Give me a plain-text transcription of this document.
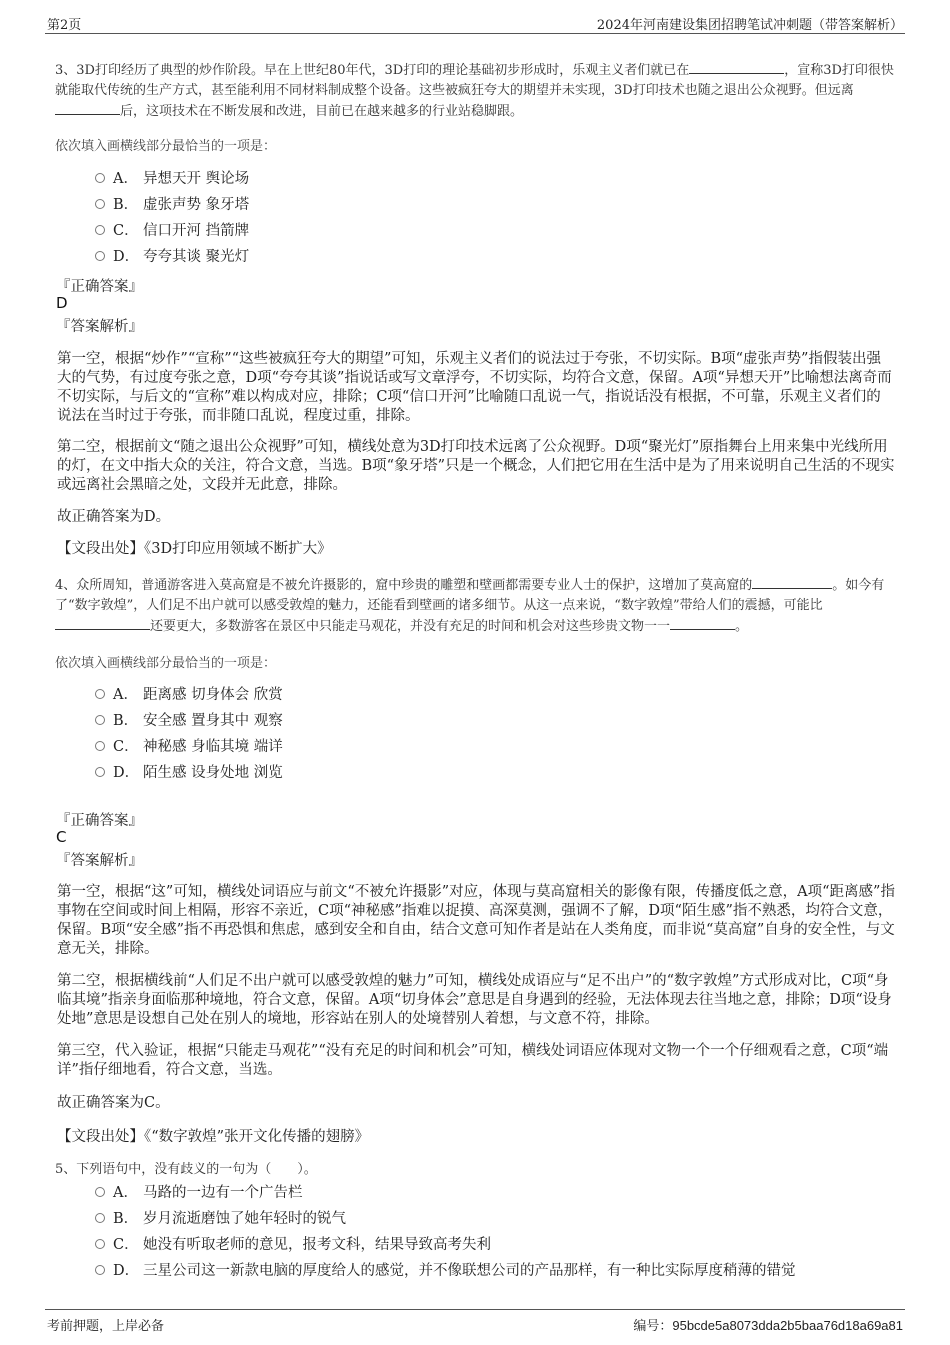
第2页	2024年河南建设集团招聘笔试冲刺题（带答案解析）
3、3D打印经历了典型的炒作阶段。早在上世纪80年代，3D打印的理论基础初步形成时，乐观主义者们就已在	，宣称3D打印很快就能取代传统的生产方式，甚至能利用不同材料制成整个设备。这些被疯狂夸大的期望并未实现，3D打印技术也随之退出公众视野。但远离后，这项技术在不断发展和改进，目前已在越来越多的行业站稳脚跟。
依次填入画横线部分最恰当的一项是：
A． 异想天开 舆论场
B． 虚张声势 象牙塔
C． 信口开河 挡箭牌
D． 夸夸其谈 聚光灯
『正确答案』
D
『答案解析』
第一空，根据“炒作”“宣称”“这些被疯狂夸大的期望”可知，乐观主义者们的说法过于夸张，不切实际。B项“虚张声势”指假装出强大的气势，有过度夸张之意，D项“夸夸其谈”指说话或写文章浮夸，不切实际，均符合文意，保留。A项“异想天开”比喻想法离奇而不切实际，与后文的“宣称”难以构成对应，排除；C项“信口开河”比喻随口乱说一气，指说话没有根据，不可靠，乐观主义者们的说法在当时过于夸张，而非随口乱说，程度过重，排除。
第二空，根据前文“随之退出公众视野”可知，横线处意为3D打印技术远离了公众视野。D项“聚光灯”原指舞台上用来集中光线所用的灯，在文中指大众的关注，符合文意，当选。B项“象牙塔”只是一个概念，人们把它用在生活中是为了用来说明自己生活的不现实或远离社会黑暗之处，文段并无此意，排除。
故正确答案为D。
【文段出处】《3D打印应用领域不断扩大》
4、众所周知，普通游客进入莫高窟是不被允许摄影的，窟中珍贵的雕塑和壁画都需要专业人士的保护，这增加了莫高窟的	。如今有了“数字敦煌”，人们足不出户就可以感受敦煌的魅力，还能看到壁画的诸多细节。从这一点来说，“数字敦煌”带给人们的震撼，可能比还要更大，多数游客在景区中只能走马观花，并没有充足的时间和机会对这些珍贵文物一一	。
依次填入画横线部分最恰当的一项是：
A． 距离感 切身体会 欣赏
B． 安全感 置身其中 观察
C． 神秘感 身临其境 端详
D． 陌生感 设身处地 浏览
『正确答案』
C
『答案解析』
第一空，根据“这”可知，横线处词语应与前文“不被允许摄影”对应，体现与莫高窟相关的影像有限，传播度低之意，A项“距离感”指事物在空间或时间上相隔，形容不亲近，C项“神秘感”指难以捉摸、高深莫测，强调不了解，D项“陌生感”指不熟悉，均符合文意，保留。B项“安全感”指不再恐惧和焦虑，感到安全和自由，结合文意可知作者是站在人类角度，而非说“莫高窟”自身的安全性，与文意无关，排除。
第二空，根据横线前“人们足不出户就可以感受敦煌的魅力”可知，横线处成语应与“足不出户”的“数字敦煌”方式形成对比，C项“身临其境”指亲身面临那种境地，符合文意，保留。A项“切身体会”意思是自身遇到的经验，无法体现去往当地之意，排除；D项“设身处地”意思是设想自己处在别人的境地，形容站在别人的处境替别人着想，与文意不符，排除。
第三空，代入验证，根据“只能走马观花”“没有充足的时间和机会”可知，横线处词语应体现对文物一个一个仔细观看之意，C项“端详”指仔细地看，符合文意，当选。
故正确答案为C。
【文段出处】《“数字敦煌”张开文化传播的翅膀》
5、下列语句中，没有歧义的一句为（　　）。
A． 马路的一边有一个广告栏
B． 岁月流逝磨蚀了她年轻时的锐气
C． 她没有听取老师的意见，报考文科，结果导致高考失利
D． 三星公司这一新款电脑的厚度给人的感觉，并不像联想公司的产品那样，有一种比实际厚度稍薄的错觉
考前押题，上岸必备	编号：95bcde5a8073dda2b5baa76d18a69a81
